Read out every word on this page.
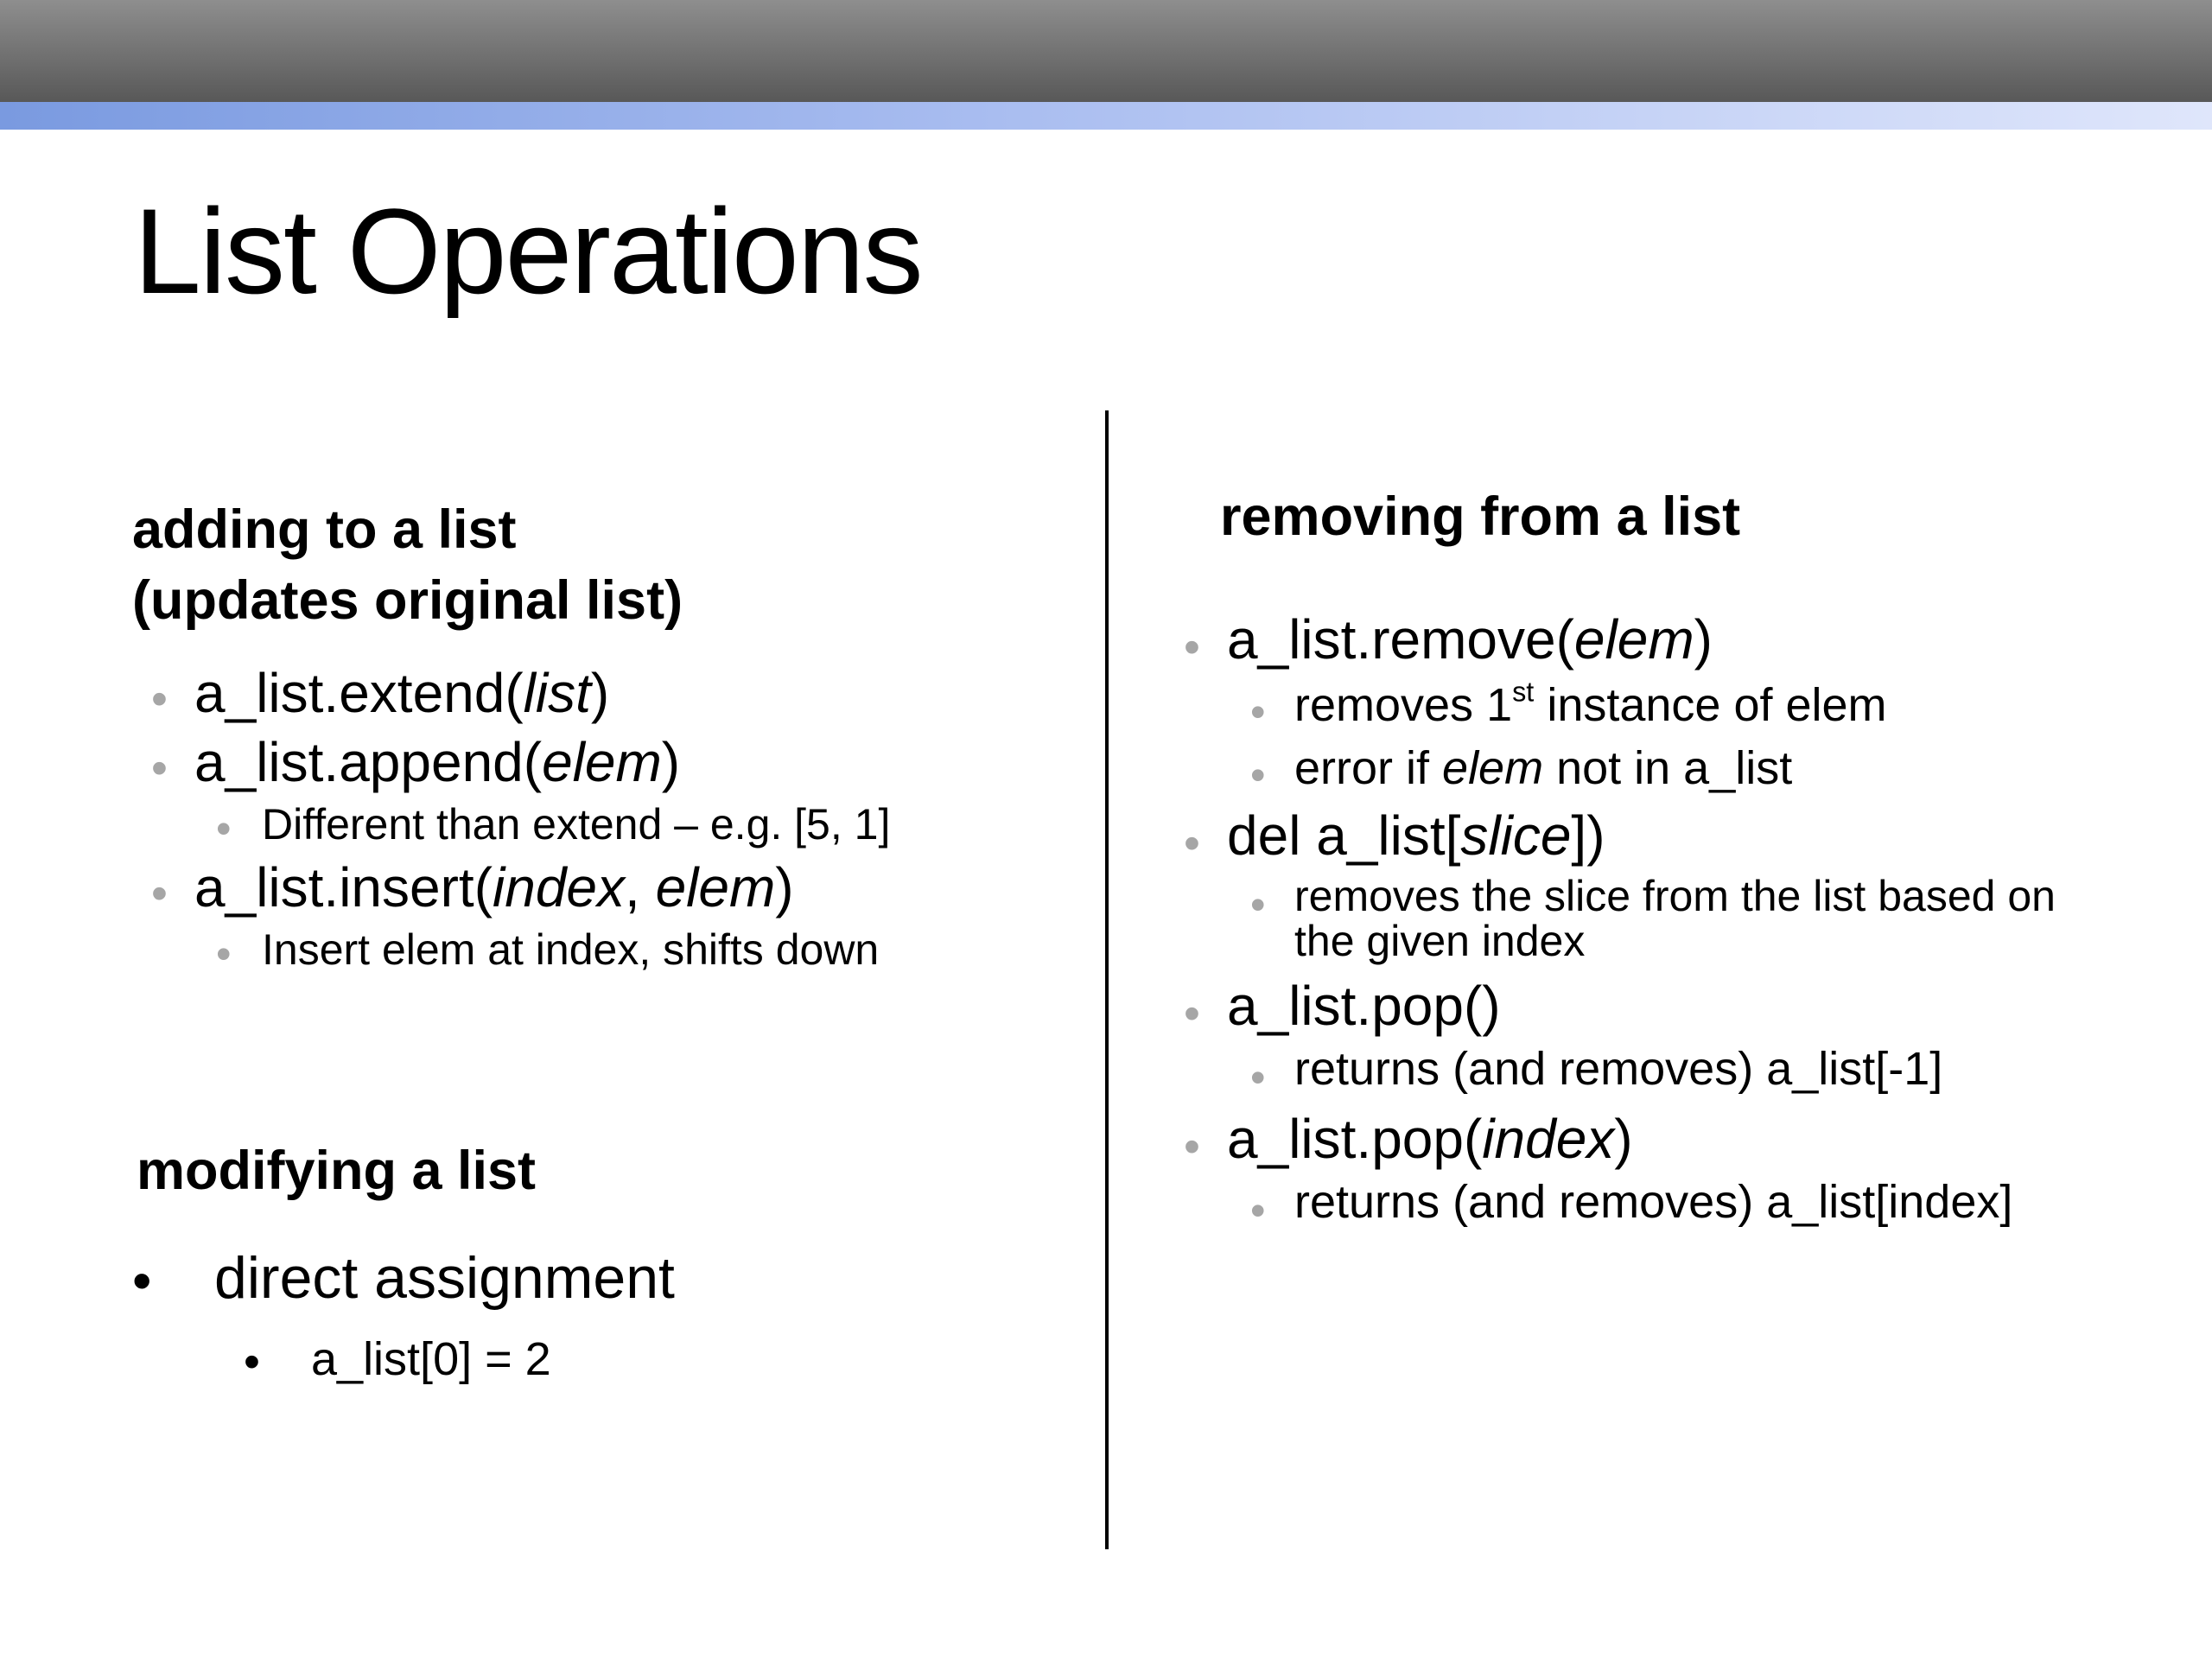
List Operations
adding to a list
(updates original list)
• a_list.extend(list)
• a_list.append(elem)
• Different than extend – e.g. [5, 1]
• a_list.insert(index, elem)
• Insert elem at index, shifts down
modifying a list
• direct assignment
• a_list[0] = 2
removing from a list
• a_list.remove(elem)
• removes 1st instance of elem
• error if elem not in a_list
• del a_list[slice])
• removes the slice from the list based on
the given index
• a_list.pop()
• returns (and removes) a_list[-1]
• a_list.pop(index)
• returns (and removes) a_list[index]
